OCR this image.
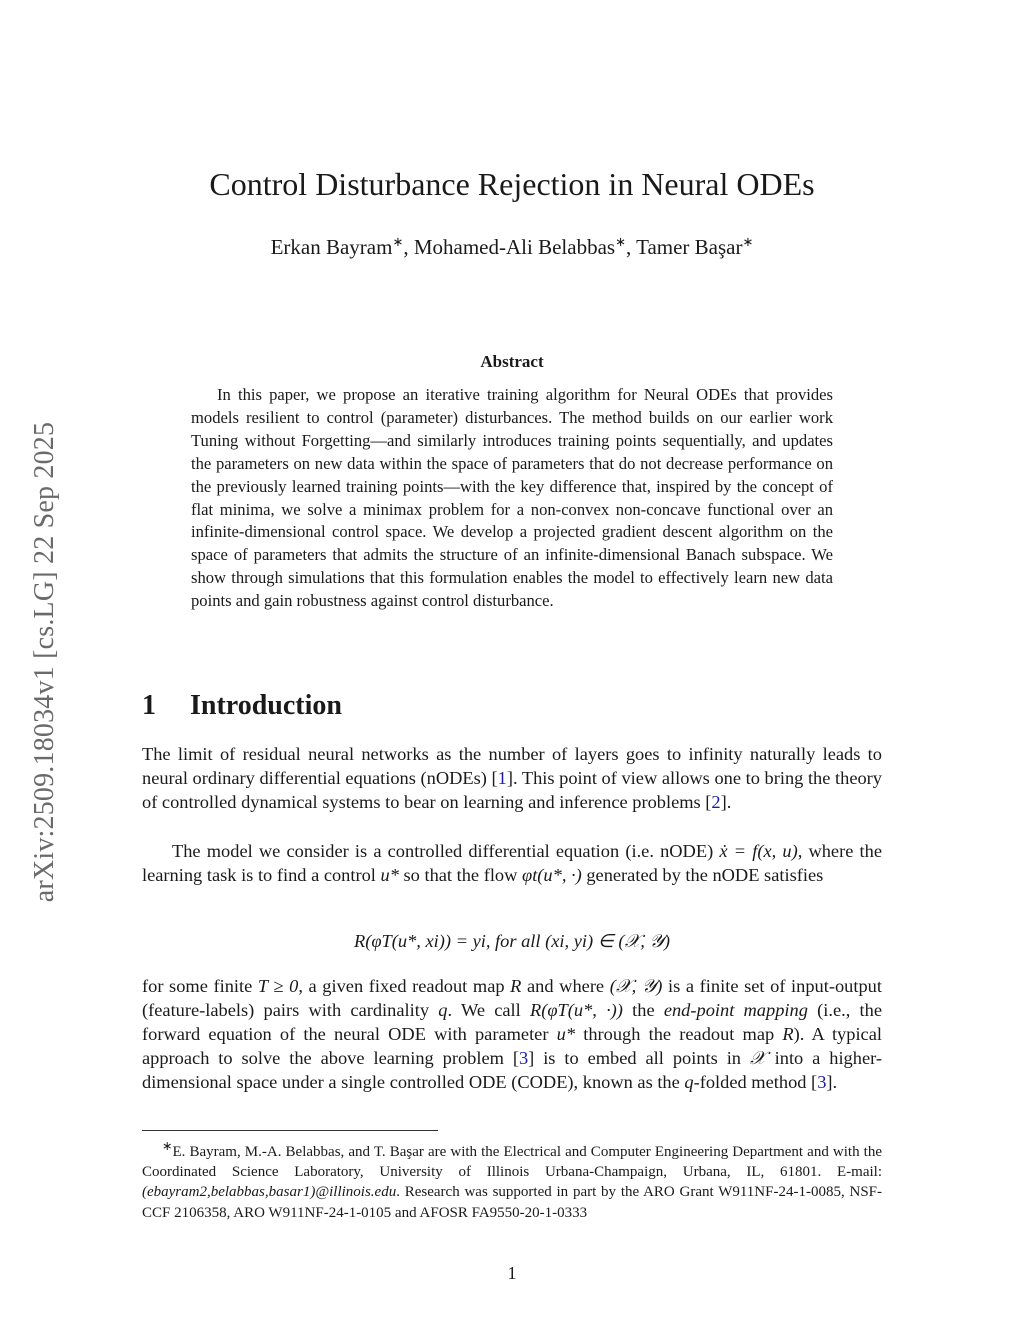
arXiv:2509.18034v1 [cs.LG] 22 Sep 2025
Control Disturbance Rejection in Neural ODEs
Erkan Bayram∗, Mohamed-Ali Belabbas∗, Tamer Başar∗
Abstract
In this paper, we propose an iterative training algorithm for Neural ODEs that provides models resilient to control (parameter) disturbances. The method builds on our earlier work Tuning without Forgetting—and similarly introduces training points sequentially, and updates the parameters on new data within the space of parameters that do not decrease performance on the previously learned training points—with the key difference that, inspired by the concept of flat minima, we solve a minimax problem for a non-convex non-concave functional over an infinite-dimensional control space. We develop a projected gradient descent algorithm on the space of parameters that admits the structure of an infinite-dimensional Banach subspace. We show through simulations that this formulation enables the model to effectively learn new data points and gain robustness against control disturbance.
1 Introduction
The limit of residual neural networks as the number of layers goes to infinity naturally leads to neural ordinary differential equations (nODEs) [1]. This point of view allows one to bring the theory of controlled dynamical systems to bear on learning and inference problems [2].
The model we consider is a controlled differential equation (i.e. nODE) ẋ = f(x, u), where the learning task is to find a control u* so that the flow φt(u*, ·) generated by the nODE satisfies
R(φT(u*, xi)) = yi, for all (xi, yi) ∈ (𝒳, 𝒴)
for some finite T ≥ 0, a given fixed readout map R and where (𝒳, 𝒴) is a finite set of input-output (feature-labels) pairs with cardinality q. We call R(φT(u*, ·)) the end-point mapping (i.e., the forward equation of the neural ODE with parameter u* through the readout map R). A typical approach to solve the above learning problem [3] is to embed all points in 𝒳 into a higher-dimensional space under a single controlled ODE (CODE), known as the q-folded method [3].
∗E. Bayram, M.-A. Belabbas, and T. Başar are with the Electrical and Computer Engineering Department and with the Coordinated Science Laboratory, University of Illinois Urbana-Champaign, Urbana, IL, 61801. E-mail: (ebayram2,belabbas,basar1)@illinois.edu. Research was supported in part by the ARO Grant W911NF-24-1-0085, NSF-CCF 2106358, ARO W911NF-24-1-0105 and AFOSR FA9550-20-1-0333
1
